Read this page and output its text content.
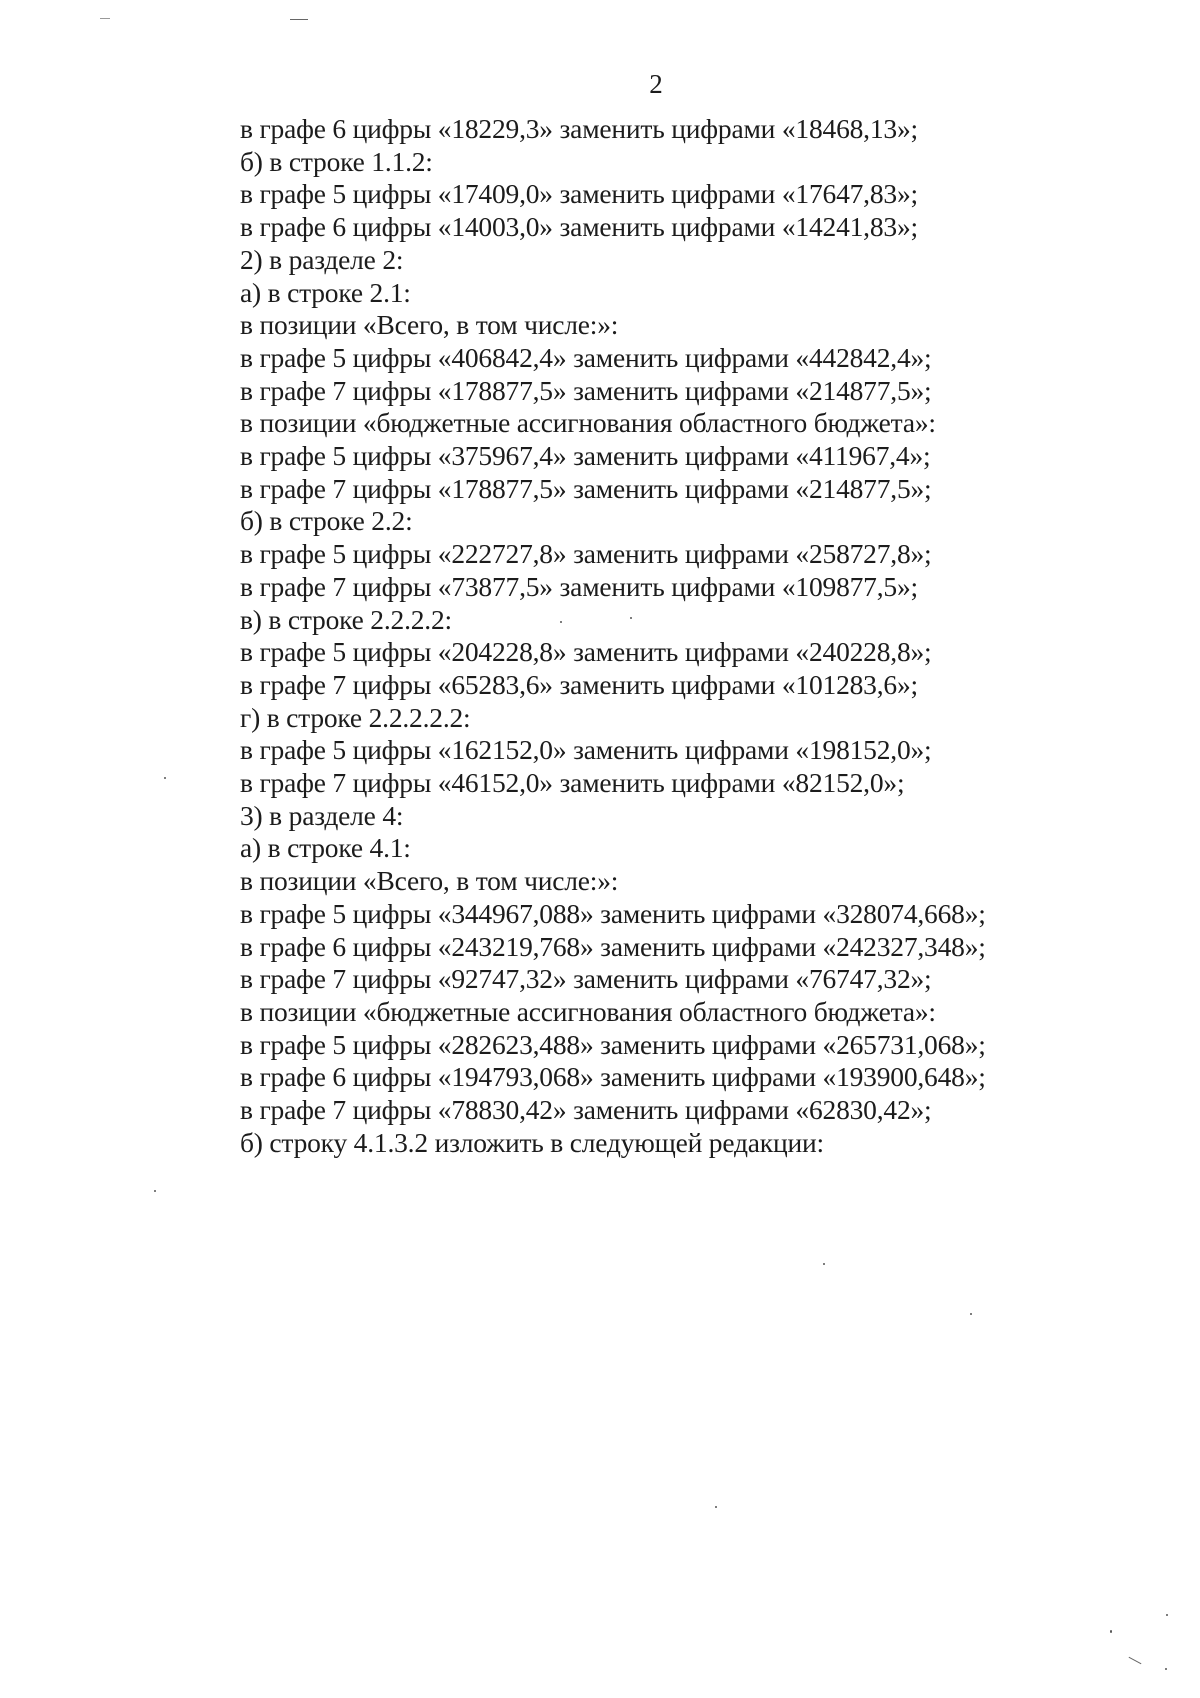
2
в графе 6 цифры «18229,3» заменить цифрами «18468,13»;
б) в строке 1.1.2:
в графе 5 цифры «17409,0» заменить цифрами «17647,83»;
в графе 6 цифры «14003,0» заменить цифрами «14241,83»;
2) в разделе 2:
а) в строке 2.1:
в позиции «Всего, в том числе:»:
в графе 5 цифры «406842,4» заменить цифрами «442842,4»;
в графе 7 цифры «178877,5» заменить цифрами «214877,5»;
в позиции «бюджетные ассигнования областного бюджета»:
в графе 5 цифры «375967,4» заменить цифрами «411967,4»;
в графе 7 цифры «178877,5» заменить цифрами «214877,5»;
б) в строке 2.2:
в графе 5 цифры «222727,8» заменить цифрами «258727,8»;
в графе 7 цифры «73877,5» заменить цифрами «109877,5»;
в) в строке 2.2.2.2:
в графе 5 цифры «204228,8» заменить цифрами «240228,8»;
в графе 7 цифры «65283,6» заменить цифрами «101283,6»;
г) в строке 2.2.2.2.2:
в графе 5 цифры «162152,0» заменить цифрами «198152,0»;
в графе 7 цифры «46152,0» заменить цифрами «82152,0»;
3) в разделе 4:
а) в строке 4.1:
в позиции «Всего, в том числе:»:
в графе 5 цифры «344967,088» заменить цифрами «328074,668»;
в графе 6 цифры «243219,768» заменить цифрами «242327,348»;
в графе 7 цифры «92747,32» заменить цифрами «76747,32»;
в позиции «бюджетные ассигнования областного бюджета»:
в графе 5 цифры «282623,488» заменить цифрами «265731,068»;
в графе 6 цифры «194793,068» заменить цифрами «193900,648»;
в графе 7 цифры «78830,42» заменить цифрами «62830,42»;
б) строку 4.1.3.2 изложить в следующей редакции:
